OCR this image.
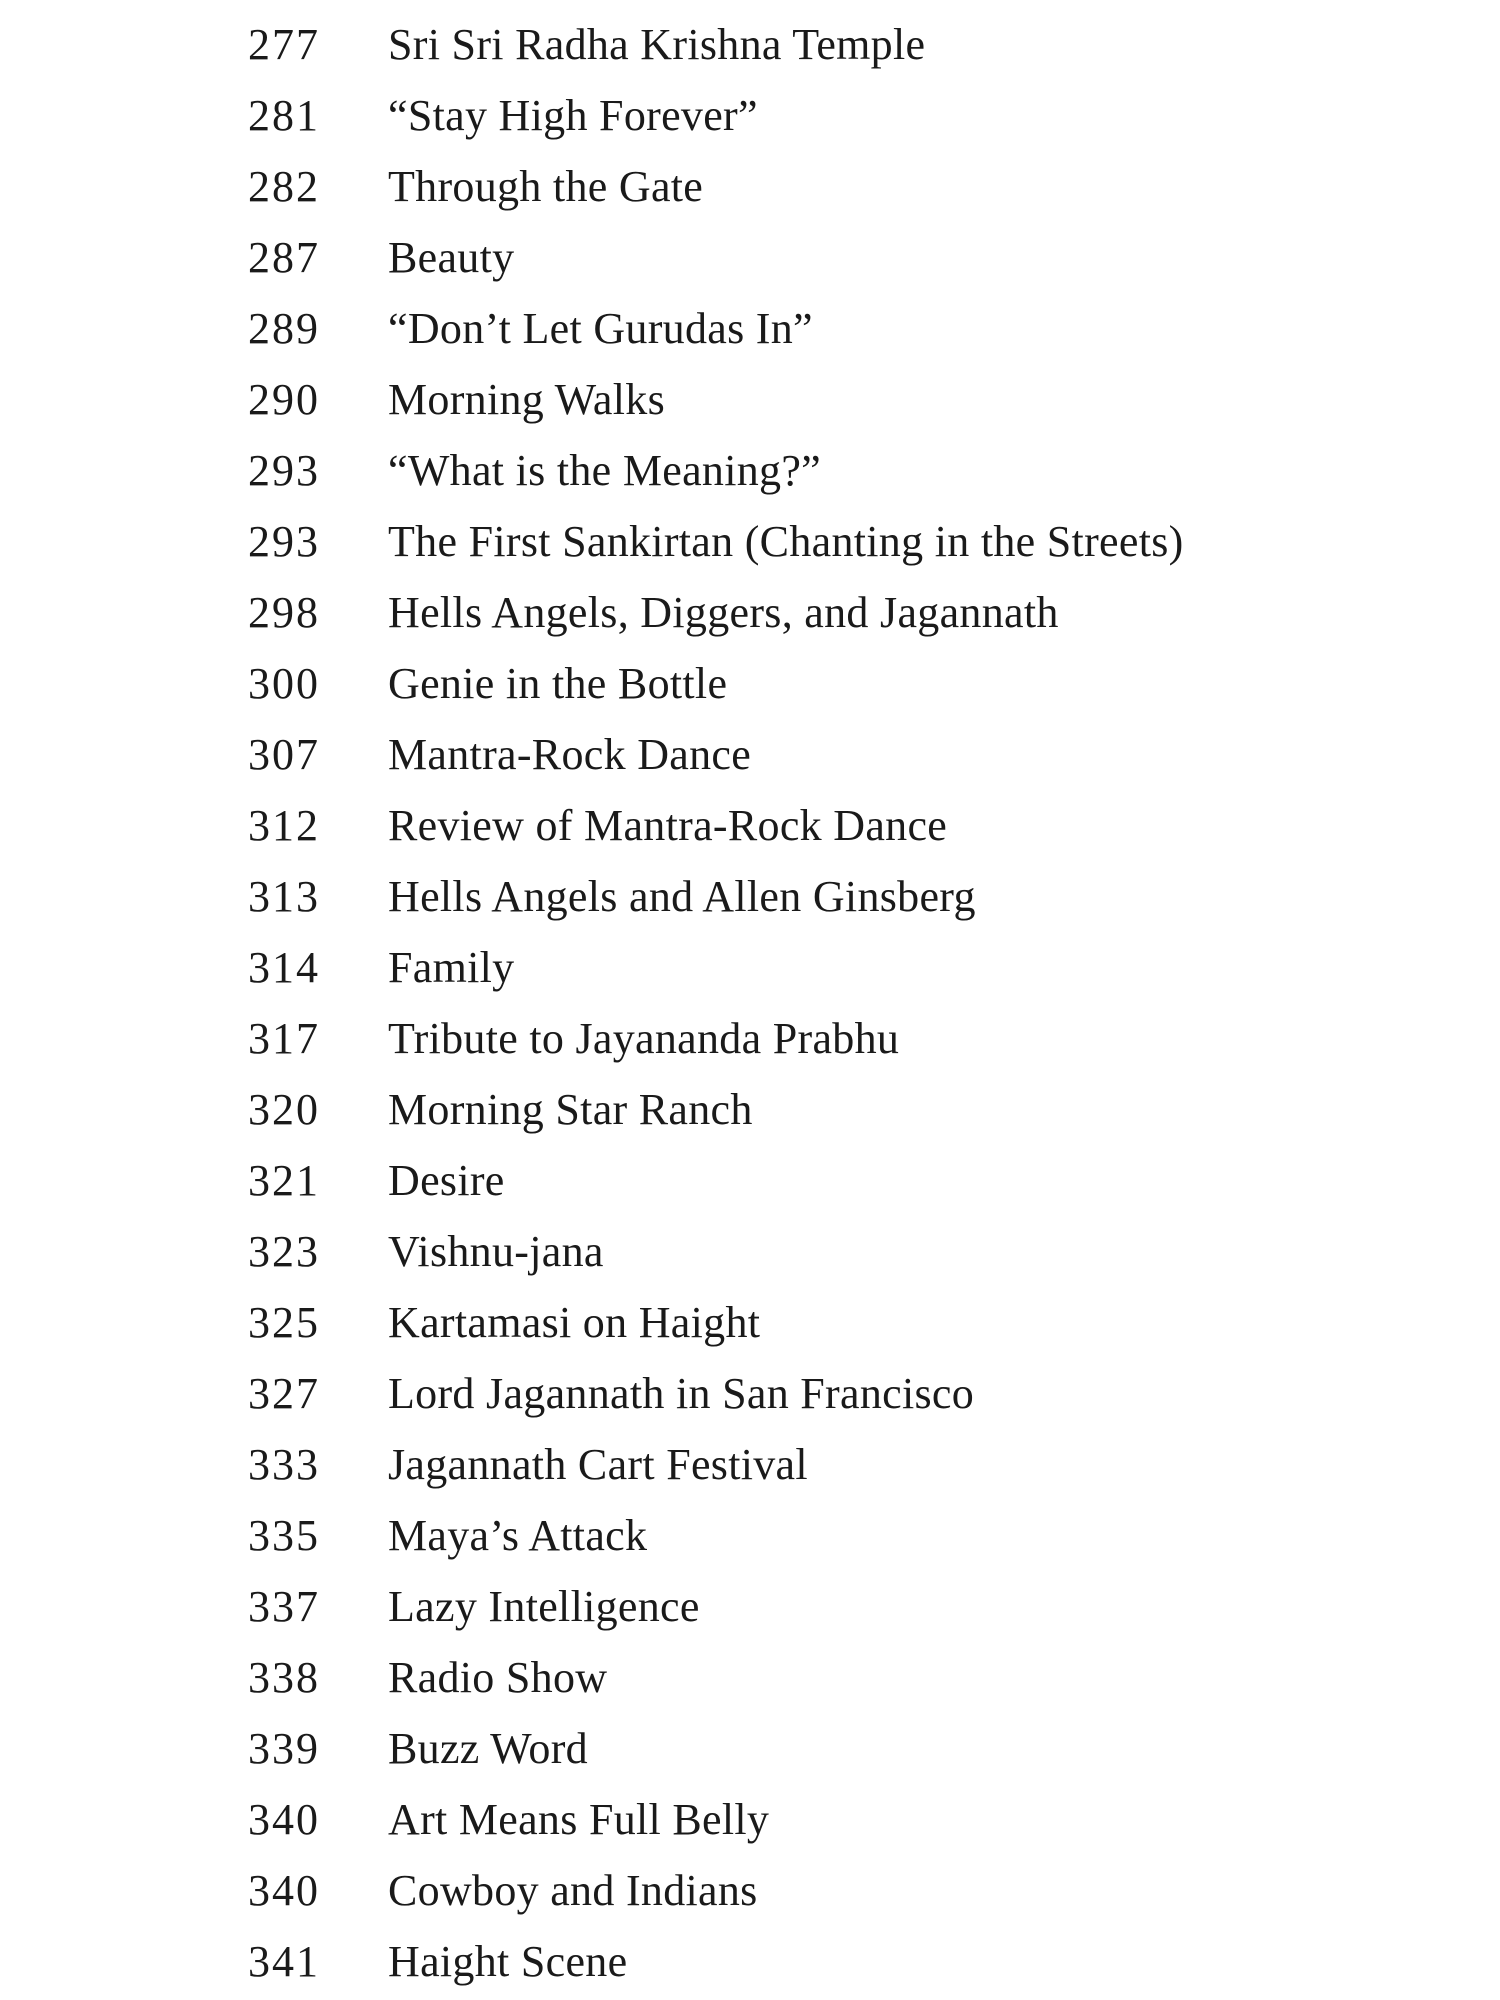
277	Sri Sri Radha Krishna Temple
281	“Stay High Forever”
282	Through the Gate
287	Beauty
289	“Don’t Let Gurudas In”
290	Morning Walks
293	“What is the Meaning?”
293	The First Sankirtan (Chanting in the Streets)
298	Hells Angels, Diggers, and Jagannath
300	Genie in the Bottle
307	Mantra-Rock Dance
312	Review of Mantra-Rock Dance
313	Hells Angels and Allen Ginsberg
314	Family
317	Tribute to Jayananda Prabhu
320	Morning Star Ranch
321	Desire
323	Vishnu-jana
325	Kartamasi on Haight
327	Lord Jagannath in San Francisco
333	Jagannath Cart Festival
335	Maya’s Attack
337	Lazy Intelligence
338	Radio Show
339	Buzz Word
340	Art Means Full Belly
340	Cowboy and Indians
341	Haight Scene
